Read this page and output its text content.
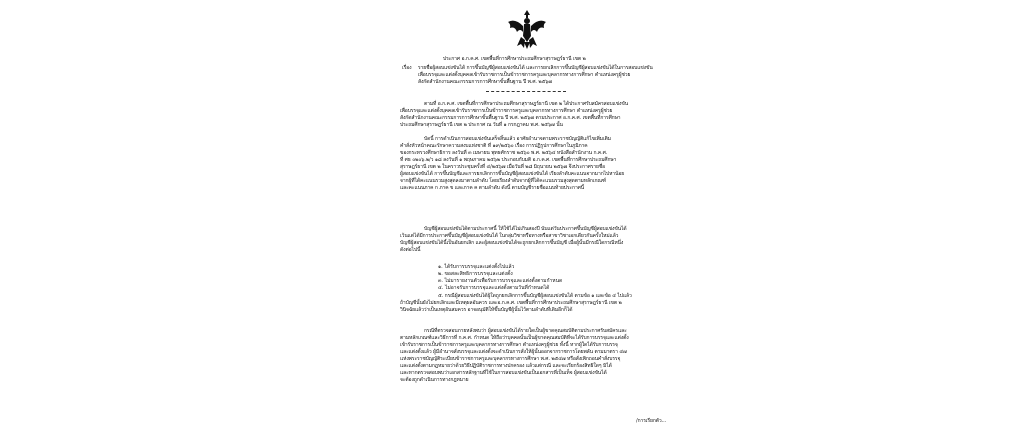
ประกาศ อ.ก.ค.ศ. เขตพื้นที่การศึกษาประถมศึกษาสุราษฎร์ธานี เขต ๒
เรื่อง รายชื่อผู้สอบแข่งขันได้ การขึ้นบัญชีผู้สอบแข่งขันได้ และการยกเลิกการขึ้นบัญชีผู้สอบแข่งขันได้ในการสอบแข่งขัน
เพื่อบรรจุและแต่งตั้งบุคคลเข้ารับราชการเป็นข้าราชการครูและบุคลากรทางการศึกษา ตำแหน่งครูผู้ช่วย
สังกัดสำนักงานคณะกรรมการการศึกษาขั้นพื้นฐาน ปี พ.ศ. ๒๕๖๗
ตามที่ อ.ก.ค.ศ. เขตพื้นที่การศึกษาประถมศึกษาสุราษฎร์ธานี เขต ๒ ได้ประกาศรับสมัครสอบแข่งขัน
เพื่อบรรจุและแต่งตั้งบุคคลเข้ารับราชการเป็นข้าราชการครูและบุคลากรทางการศึกษา ตำแหน่งครูผู้ช่วย
สังกัดสำนักงานคณะกรรมการการศึกษาขั้นพื้นฐาน ปี พ.ศ. ๒๕๖๗ ตามประกาศ อ.ก.ค.ศ. เขตพื้นที่การศึกษา
ประถมศึกษาสุราษฎร์ธานี เขต ๒ ประกาศ ณ วันที่ ๑ กรกฎาคม พ.ศ. ๒๕๖๗ นั้น
บัดนี้ การดำเนินการสอบแข่งขันเสร็จสิ้นแล้ว อาศัยอำนาจตามพระราชบัญญัติแก้ไขเพิ่มเติม
คำสั่งหัวหน้าคณะรักษาความสงบแห่งชาติ ที่ ๑๙/๒๕๖๐ เรื่อง การปฏิรูปการศึกษาในภูมิภาค
ของกระทรวงศึกษาธิการ ลงวันที่ ๓ เมษายน พุทธศักราช ๒๕๖๐ พ.ศ. ๒๕๖๔ หนังสือสำนักงาน ก.ค.ศ.
ที่ ศธ ๐๒๐๖.๒/ว ๑๘ ลงวันที่ ๑ พฤษภาคม ๒๕๖๒ ประกอบกับมติ อ.ก.ค.ศ. เขตพื้นที่การศึกษาประถมศึกษา
สุราษฎร์ธานี เขต ๒ ในคราวประชุมครั้งที่ ๔/๒๕๖๗ เมื่อวันที่ ๒๘ มิถุนายน ๒๕๖๗ จึงประกาศรายชื่อ
ผู้สอบแข่งขันได้ การขึ้นบัญชีและการยกเลิกการขึ้นบัญชีผู้สอบแข่งขันได้ เรียงลำดับคะแนนจากมากไปหาน้อย
จากผู้ที่ได้คะแนนรวมสูงสุดลงมาตามลำดับ โดยเรียงลำดับจากผู้ที่ได้คะแนนรวมสูงสุดตามหลักเกณฑ์
และคะแนนภาค ก ภาค ข และภาค ค ตามลำดับ ดังนี้ ตามบัญชีรายชื่อแนบท้ายประกาศนี้
บัญชีผู้สอบแข่งขันได้ตามประกาศนี้ ให้ใช้ได้ไม่เกินสองปี นับแต่วันประกาศขึ้นบัญชีผู้สอบแข่งขันได้
เว้นแต่ได้มีการประกาศขึ้นบัญชีผู้สอบแข่งขันได้ ในกลุ่มวิชาหรือทางหรือสาขาวิชาเอกเดียวกันครั้งใหม่แล้ว
บัญชีผู้สอบแข่งขันได้นี้เป็นอันยกเลิก และผู้สอบแข่งขันได้จะถูกยกเลิกการขึ้นบัญชี เมื่อผู้นั้นมีกรณีใดกรณีหนึ่ง
ดังต่อไปนี้
๑. ได้รับการบรรจุและแต่งตั้งไปแล้ว
๒. ขอสละสิทธิการบรรจุและแต่งตั้ง
๓. ไม่มารายงานตัวเพื่อรับการบรรจุและแต่งตั้งตามกำหนด
๔. ไม่อาจรับการบรรจุและแต่งตั้งตามวันที่กำหนดได้
๕. กรณีผู้สอบแข่งขันได้ผู้ใดถูกยกเลิกการขึ้นบัญชีผู้สอบแข่งขันได้ ตามข้อ ๑ และข้อ ๔ ไปแล้ว
ถ้าบัญชีนั้นยังไม่ยกเลิกและมีเหตุผลอันควร และอ.ก.ค.ศ. เขตพื้นที่การศึกษาประถมศึกษาสุราษฎร์ธานี เขต ๒
วินิจฉัยแล้วว่าเป็นเหตุอันสมควร อาจอนุมัติให้ขึ้นบัญชีผู้นั้นไว้ตามลำดับที่เดิมอีกก็ได้
กรณีที่ตรวจสอบภายหลังพบว่า ผู้สอบแข่งขันได้รายใดเป็นผู้ขาดคุณสมบัติตามประกาศรับสมัครและ
ตามหลักเกณฑ์และวิธีการที่ ก.ค.ศ. กำหนด ให้ถือว่าบุคคลนั้นเป็นผู้ขาดคุณสมบัติที่จะได้รับการบรรจุและแต่งตั้ง
เข้ารับราชการเป็นข้าราชการครูและบุคลากรทางการศึกษา ตำแหน่งครูผู้ช่วย ทั้งนี้ หากผู้ใดได้รับการบรรจุ
และแต่งตั้งแล้ว ผู้มีอำนาจสั่งบรรจุและแต่งตั้งจะดำเนินการสั่งให้ผู้นั้นออกจากราชการโดยพลัน ตามมาตรา ๔๗
แห่งพระราชบัญญัติระเบียบข้าราชการครูและบุคลากรทางการศึกษา พ.ศ. ๒๕๔๗ หรือสั่งเพิกถอนคำสั่งบรรจุ
และแต่งตั้งตามกฎหมายว่าด้วยวิธีปฏิบัติราชการทางปกครอง แล้วแต่กรณี และจะเรียกร้องสิทธิใดๆ มิได้
และหากตรวจสอบพบว่าเอกสารหลักฐานที่ใช้ในการสอบแข่งขันเป็นเอกสารที่เป็นเท็จ ผู้สอบแข่งขันได้
จะต้องถูกดำเนินการทางกฎหมาย
/การเรียกตัว...
